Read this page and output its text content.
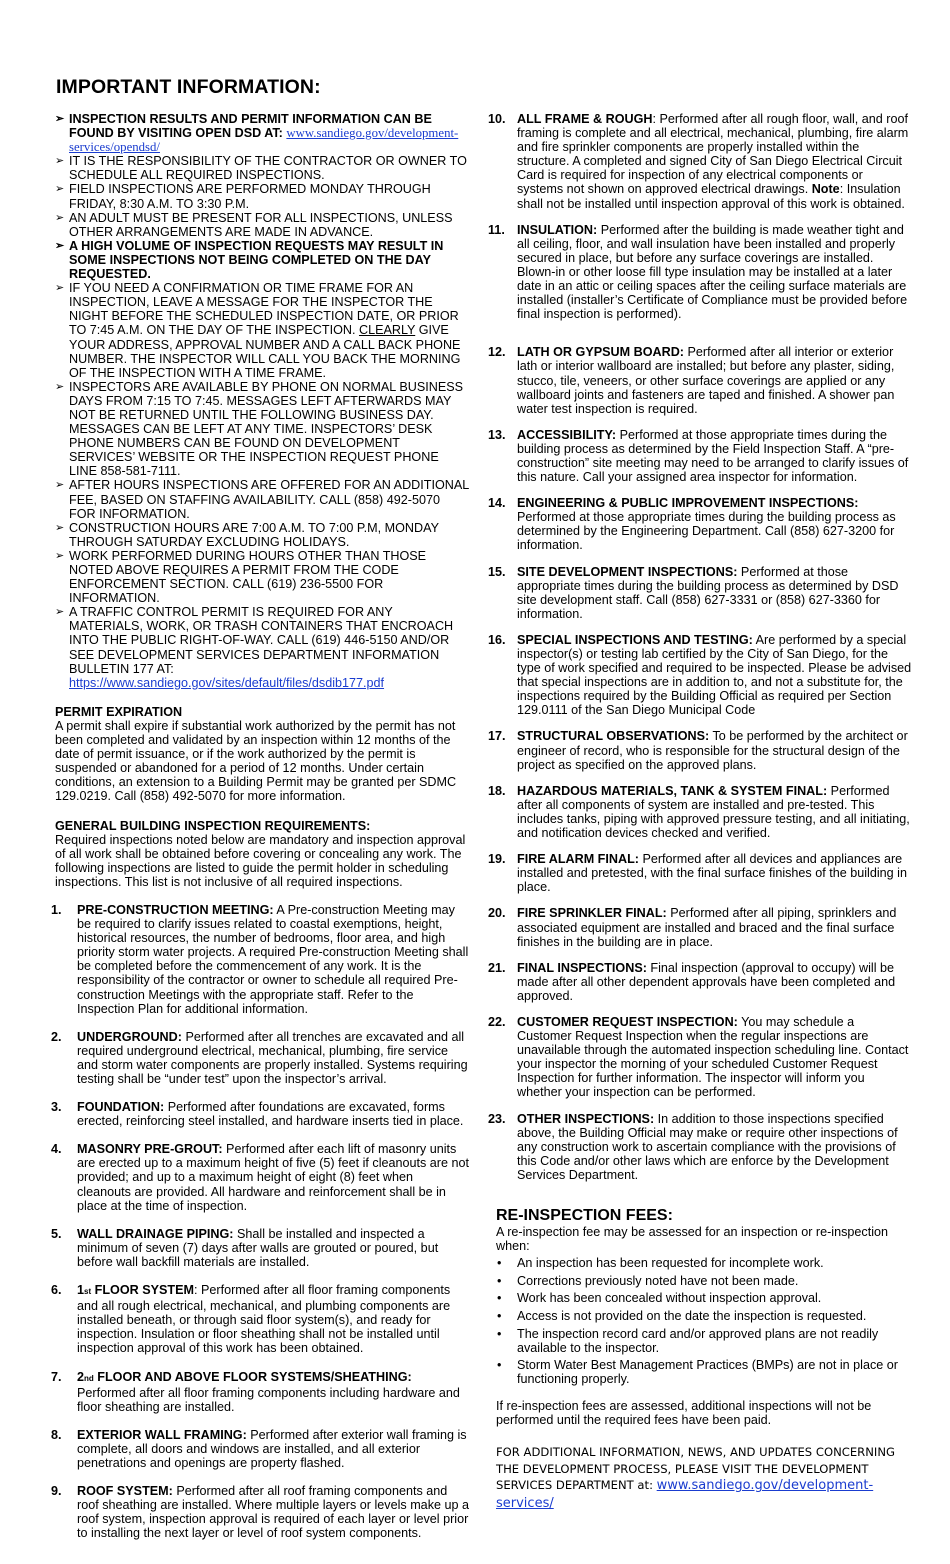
IMPORTANT INFORMATION:
➢ INSPECTION RESULTS AND PERMIT INFORMATION CAN BE FOUND BY VISITING OPEN DSD AT: www.sandiego.gov/development-services/opendsd/
➢ IT IS THE RESPONSIBILITY OF THE CONTRACTOR OR OWNER TO SCHEDULE ALL REQUIRED INSPECTIONS.
➢ FIELD INSPECTIONS ARE PERFORMED MONDAY THROUGH FRIDAY, 8:30 A.M. TO 3:30 P.M.
➢ AN ADULT MUST BE PRESENT FOR ALL INSPECTIONS, UNLESS OTHER ARRANGEMENTS ARE MADE IN ADVANCE.
➢ A HIGH VOLUME OF INSPECTION REQUESTS MAY RESULT IN SOME INSPECTIONS NOT BEING COMPLETED ON THE DAY REQUESTED.
➢ IF YOU NEED A CONFIRMATION OR TIME FRAME FOR AN INSPECTION, LEAVE A MESSAGE FOR THE INSPECTOR THE NIGHT BEFORE THE SCHEDULED INSPECTION DATE, OR PRIOR TO 7:45 A.M. ON THE DAY OF THE INSPECTION. CLEARLY GIVE YOUR ADDRESS, APPROVAL NUMBER AND A CALL BACK PHONE NUMBER. THE INSPECTOR WILL CALL YOU BACK THE MORNING OF THE INSPECTION WITH A TIME FRAME.
➢ INSPECTORS ARE AVAILABLE BY PHONE ON NORMAL BUSINESS DAYS FROM 7:15 TO 7:45. MESSAGES LEFT AFTERWARDS MAY NOT BE RETURNED UNTIL THE FOLLOWING BUSINESS DAY. MESSAGES CAN BE LEFT AT ANY TIME. INSPECTORS’ DESK PHONE NUMBERS CAN BE FOUND ON DEVELOPMENT SERVICES’ WEBSITE OR THE INSPECTION REQUEST PHONE LINE 858-581-7111.
➢ AFTER HOURS INSPECTIONS ARE OFFERED FOR AN ADDITIONAL FEE, BASED ON STAFFING AVAILABILITY. CALL (858) 492-5070 FOR INFORMATION.
➢ CONSTRUCTION HOURS ARE 7:00 A.M. TO 7:00 P.M, MONDAY THROUGH SATURDAY EXCLUDING HOLIDAYS.
➢ WORK PERFORMED DURING HOURS OTHER THAN THOSE NOTED ABOVE REQUIRES A PERMIT FROM THE CODE ENFORCEMENT SECTION. CALL (619) 236-5500 FOR INFORMATION.
➢ A TRAFFIC CONTROL PERMIT IS REQUIRED FOR ANY MATERIALS, WORK, OR TRASH CONTAINERS THAT ENCROACH INTO THE PUBLIC RIGHT-OF-WAY. CALL (619) 446-5150 AND/OR SEE DEVELOPMENT SERVICES DEPARTMENT INFORMATION BULLETIN 177 AT:
https://www.sandiego.gov/sites/default/files/dsdib177.pdf

PERMIT EXPIRATION

A permit shall expire if substantial work authorized by the permit has not been completed and validated by an inspection within 12 months of the date of permit issuance, or if the work authorized by the permit is suspended or abandoned for a period of 12 months. Under certain conditions, an extension to a Building Permit may be granted per SDMC 129.0219. Call (858) 492-5070 for more information.

GENERAL BUILDING INSPECTION REQUIREMENTS:

Required inspections noted below are mandatory and inspection approval of all work shall be obtained before covering or concealing any work. The following inspections are listed to guide the permit holder in scheduling inspections. This list is not inclusive of all required inspections.

1. PRE-CONSTRUCTION MEETING: A Pre-construction Meeting may be required to clarify issues related to coastal exemptions, height, historical resources, the number of bedrooms, floor area, and high priority storm water projects. A required Pre-construction Meeting shall be completed before the commencement of any work. It is the responsibility of the contractor or owner to schedule all required Pre-construction Meetings with the appropriate staff. Refer to the Inspection Plan for additional information.
2. UNDERGROUND: Performed after all trenches are excavated and all required underground electrical, mechanical, plumbing, fire service and storm water components are properly installed. Systems requiring testing shall be “under test” upon the inspector’s arrival.
3. FOUNDATION: Performed after foundations are excavated, forms erected, reinforcing steel installed, and hardware inserts tied in place.
4. MASONRY PRE-GROUT: Performed after each lift of masonry units are erected up to a maximum height of five (5) feet if cleanouts are not provided; and up to a maximum height of eight (8) feet when cleanouts are provided. All hardware and reinforcement shall be in place at the time of inspection.
5. WALL DRAINAGE PIPING: Shall be installed and inspected a minimum of seven (7) days after walls are grouted or poured, but before wall backfill materials are installed.
6. 1st FLOOR SYSTEM: Performed after all floor framing components and all rough electrical, mechanical, and plumbing components are installed beneath, or through said floor system(s), and ready for inspection. Insulation or floor sheathing shall not be installed until inspection approval of this work has been obtained.
7. 2nd FLOOR AND ABOVE FLOOR SYSTEMS/SHEATHING:
Performed after all floor framing components including hardware and floor sheathing are installed.
8. EXTERIOR WALL FRAMING: Performed after exterior wall framing is complete, all doors and windows are installed, and all exterior penetrations and openings are property flashed.
9. ROOF SYSTEM: Performed after all roof framing components and roof sheathing are installed. Where multiple layers or levels make up a roof system, inspection approval is required of each layer or level prior to installing the next layer or level of roof system components.
10. ALL FRAME & ROUGH: Performed after all rough floor, wall, and roof framing is complete and all electrical, mechanical, plumbing, fire alarm and fire sprinkler components are properly installed within the structure. A completed and signed City of San Diego Electrical Circuit Card is required for inspection of any electrical components or systems not shown on approved electrical drawings. Note: Insulation shall not be installed until inspection approval of this work is obtained.
11. INSULATION: Performed after the building is made weather tight and all ceiling, floor, and wall insulation have been installed and properly secured in place, but before any surface coverings are installed. Blown-in or other loose fill type insulation may be installed at a later date in an attic or ceiling spaces after the ceiling surface materials are installed (installer’s Certificate of Compliance must be provided before final inspection is performed).
12. LATH OR GYPSUM BOARD: Performed after all interior or exterior lath or interior wallboard are installed; but before any plaster, siding, stucco, tile, veneers, or other surface coverings are applied or any wallboard joints and fasteners are taped and finished. A shower pan water test inspection is required.
13. ACCESSIBILITY: Performed at those appropriate times during the building process as determined by the Field Inspection Staff. A “pre-construction” site meeting may need to be arranged to clarify issues of this nature. Call your assigned area inspector for information.
14. ENGINEERING & PUBLIC IMPROVEMENT INSPECTIONS: Performed at those appropriate times during the building process as determined by the Engineering Department. Call (858) 627-3200 for information.
15. SITE DEVELOPMENT INSPECTIONS: Performed at those appropriate times during the building process as determined by DSD site development staff. Call (858) 627-3331 or (858) 627-3360 for information.
16. SPECIAL INSPECTIONS AND TESTING: Are performed by a special inspector(s) or testing lab certified by the City of San Diego, for the type of work specified and required to be inspected. Please be advised that special inspections are in addition to, and not a substitute for, the inspections required by the Building Official as required per Section 129.0111 of the San Diego Municipal Code
17. STRUCTURAL OBSERVATIONS: To be performed by the architect or engineer of record, who is responsible for the structural design of the project as specified on the approved plans.
18. HAZARDOUS MATERIALS, TANK & SYSTEM FINAL: Performed after all components of system are installed and pre-tested. This includes tanks, piping with approved pressure testing, and all initiating, and notification devices checked and verified.
19. FIRE ALARM FINAL: Performed after all devices and appliances are installed and pretested, with the final surface finishes of the building in place.
20. FIRE SPRINKLER FINAL: Performed after all piping, sprinklers and associated equipment are installed and braced and the final surface finishes in the building are in place.
21. FINAL INSPECTIONS: Final inspection (approval to occupy) will be made after all other dependent approvals have been completed and approved.
22. CUSTOMER REQUEST INSPECTION: You may schedule a Customer Request Inspection when the regular inspections are unavailable through the automated inspection scheduling line. Contact your inspector the morning of your scheduled Customer Request Inspection for further information. The inspector will inform you whether your inspection can be performed.
23. OTHER INSPECTIONS: In addition to those inspections specified above, the Building Official may make or require other inspections of any construction work to ascertain compliance with the provisions of this Code and/or other laws which are enforce by the Development Services Department.

RE-INSPECTION FEES:

A re-inspection fee may be assessed for an inspection or re-inspection when:

• An inspection has been requested for incomplete work.
• Corrections previously noted have not been made.
• Work has been concealed without inspection approval.
• Access is not provided on the date the inspection is requested.
• The inspection record card and/or approved plans are not readily available to the inspector.
• Storm Water Best Management Practices (BMPs) are not in place or functioning properly.

If re-inspection fees are assessed, additional inspections will not be performed until the required fees have been paid.

FOR ADDITIONAL INFORMATION, NEWS, AND UPDATES CONCERNING THE DEVELOPMENT PROCESS, PLEASE VISIT THE DEVELOPMENT SERVICES DEPARTMENT at: www.sandiego.gov/development-services/
